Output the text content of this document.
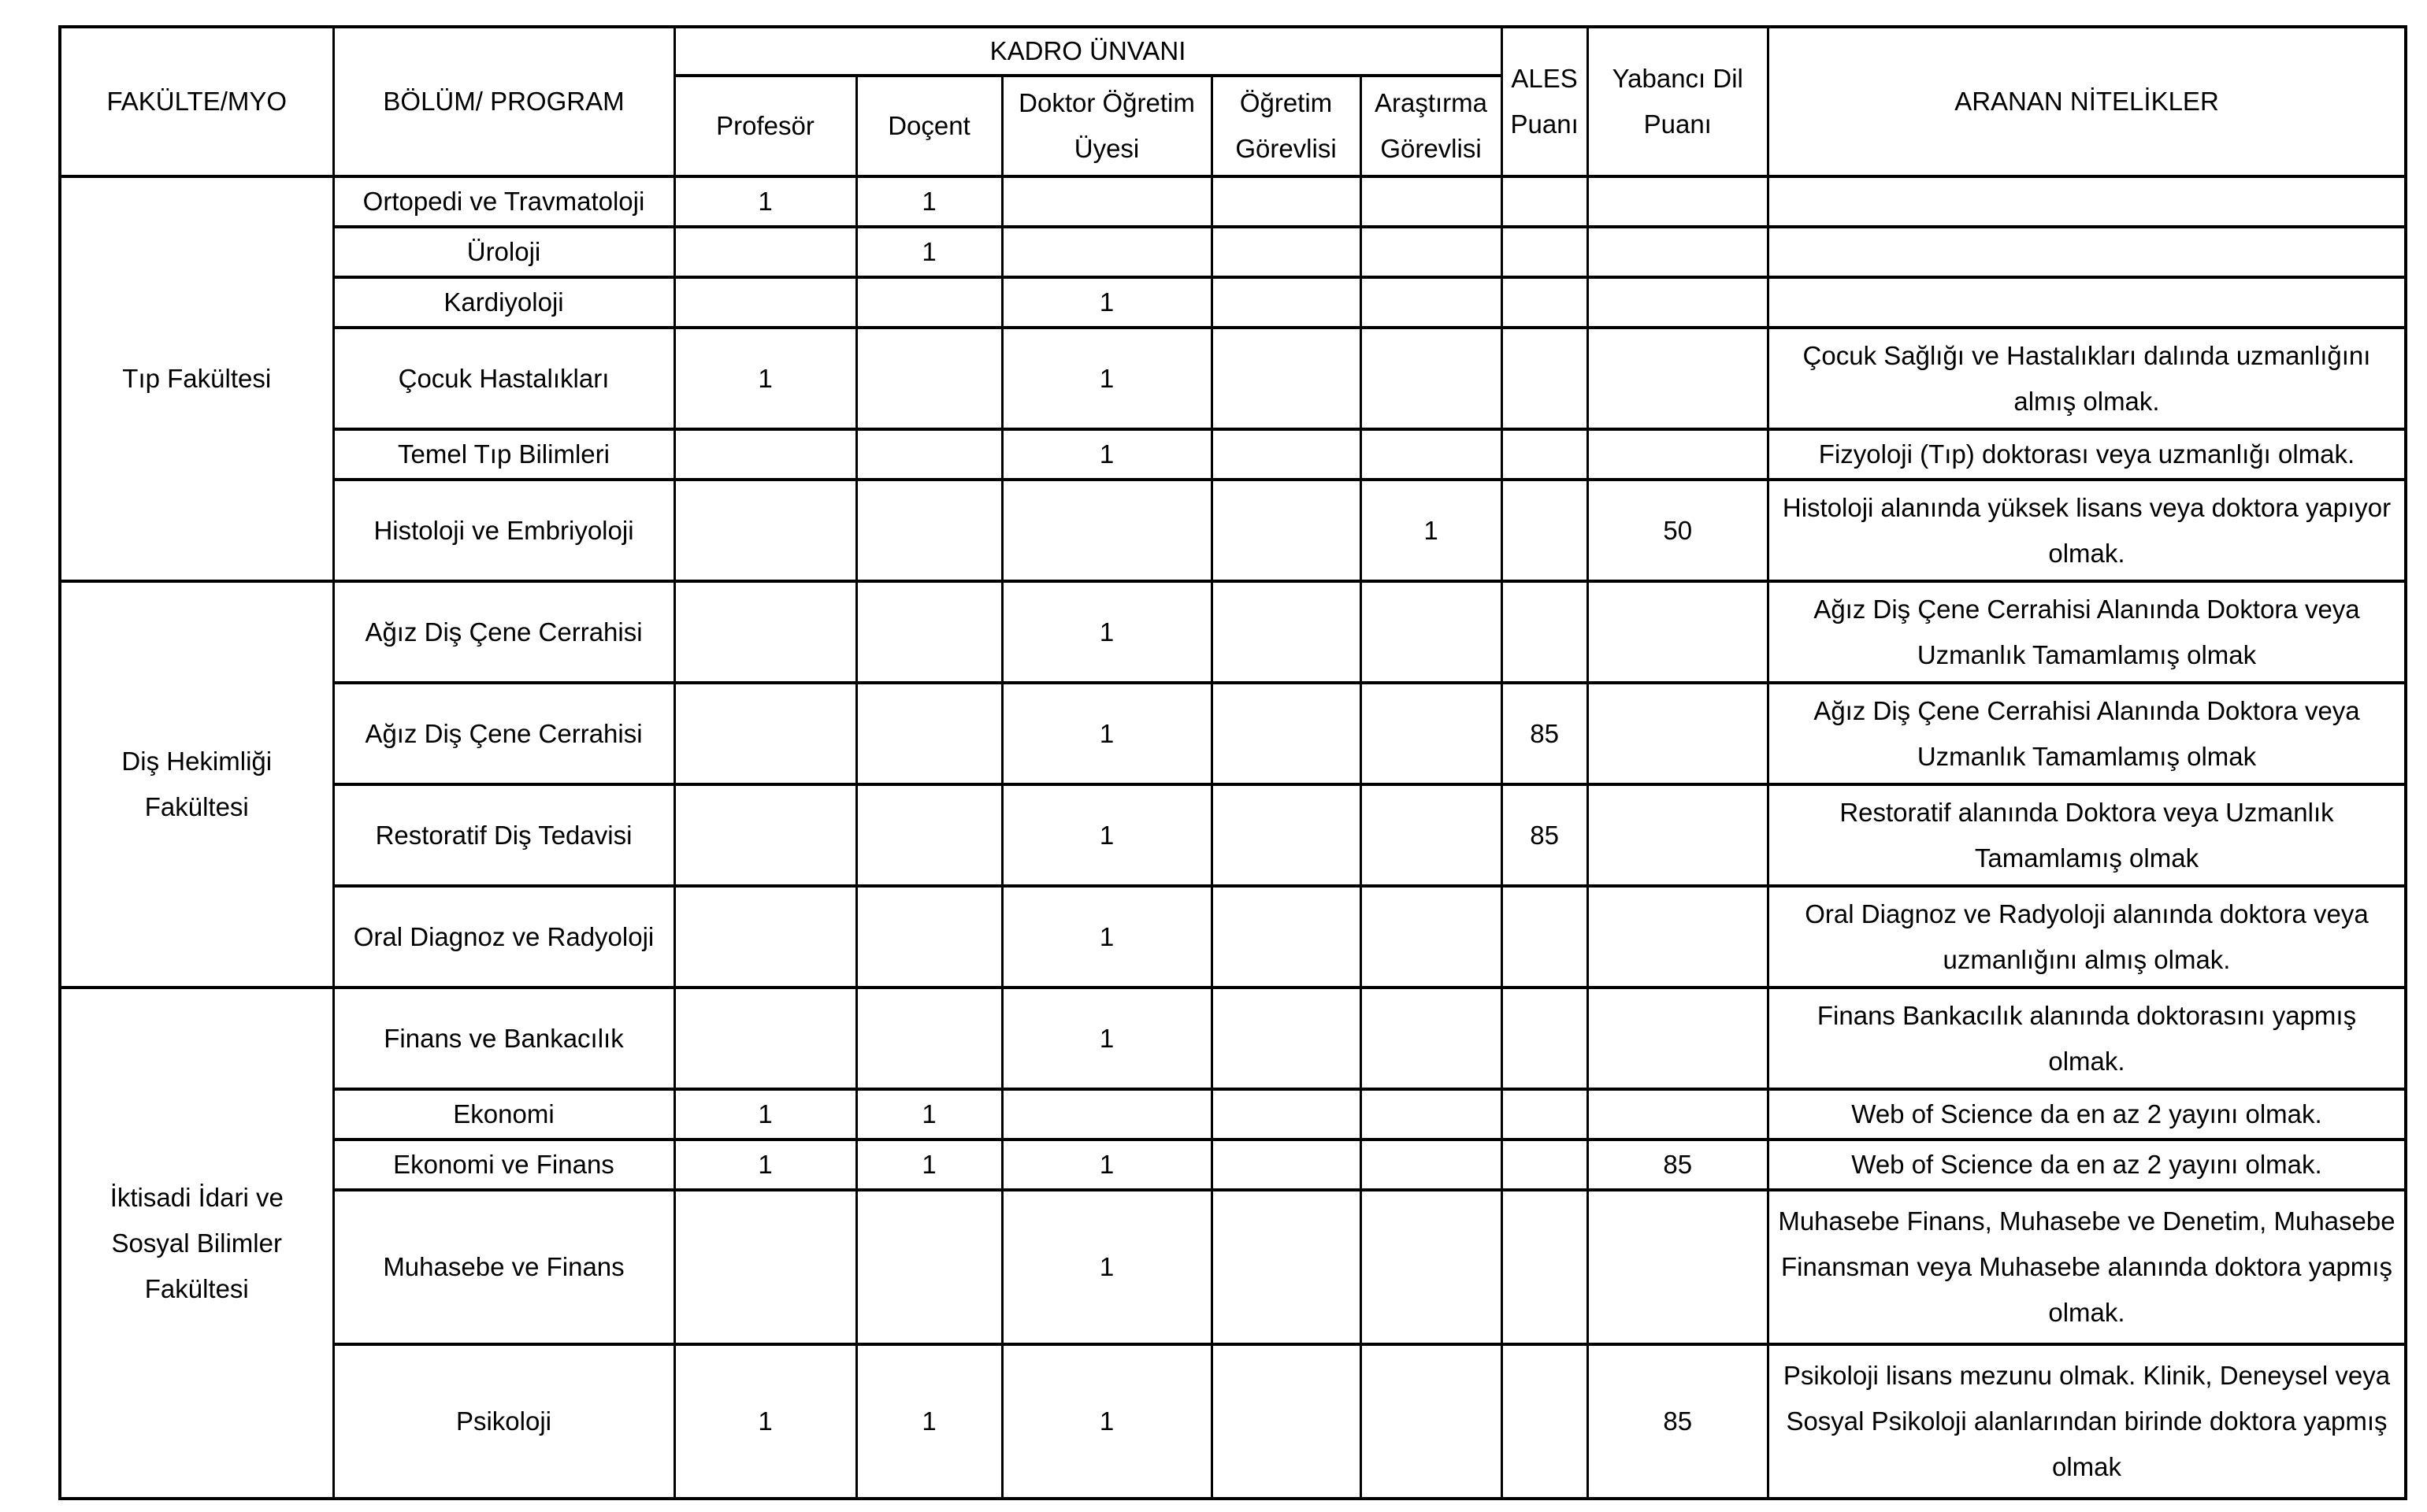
FAKÜLTE/MYO	BÖLÜM/ PROGRAM	KADRO ÜNVANI					ALES Puanı	Yabancı Dil Puanı	ARANAN NİTELİKLER
		Profesör	Doçent	Doktor Öğretim Üyesi	Öğretim Görevlisi	Araştırma Görevlisi			
Tıp Fakültesi	Ortopedi ve Travmatoloji	1	1						
	Üroloji		1						
	Kardiyoloji			1					
	Çocuk Hastalıkları	1		1					Çocuk Sağlığı ve Hastalıkları dalında uzmanlığını almış olmak.
	Temel Tıp Bilimleri			1					Fizyoloji (Tıp) doktorası veya uzmanlığı olmak.
	Histoloji ve Embriyoloji					1		50	Histoloji alanında yüksek lisans veya doktora yapıyor olmak.
Diş Hekimliği Fakültesi	Ağız Diş Çene Cerrahisi			1					Ağız Diş Çene Cerrahisi Alanında Doktora veya Uzmanlık Tamamlamış olmak
	Ağız Diş Çene Cerrahisi			1			85		Ağız Diş Çene Cerrahisi Alanında Doktora veya Uzmanlık Tamamlamış olmak
	Restoratif Diş Tedavisi			1			85		Restoratif alanında Doktora veya Uzmanlık Tamamlamış olmak
	Oral Diagnoz ve Radyoloji			1					Oral Diagnoz ve Radyoloji alanında doktora veya uzmanlığını almış olmak.
İktisadi İdari ve Sosyal Bilimler Fakültesi	Finans ve Bankacılık			1					Finans Bankacılık alanında doktorasını yapmış olmak.
	Ekonomi	1	1						Web of Science da en az 2 yayını olmak.
	Ekonomi ve Finans	1	1	1				85	Web of Science da en az 2 yayını olmak.
	Muhasebe ve Finans			1					Muhasebe Finans, Muhasebe ve Denetim, Muhasebe Finansman veya Muhasebe alanında doktora yapmış olmak.
	Psikoloji	1	1	1				85	Psikoloji lisans mezunu olmak. Klinik, Deneysel veya Sosyal Psikoloji alanlarından birinde doktora yapmış olmak
